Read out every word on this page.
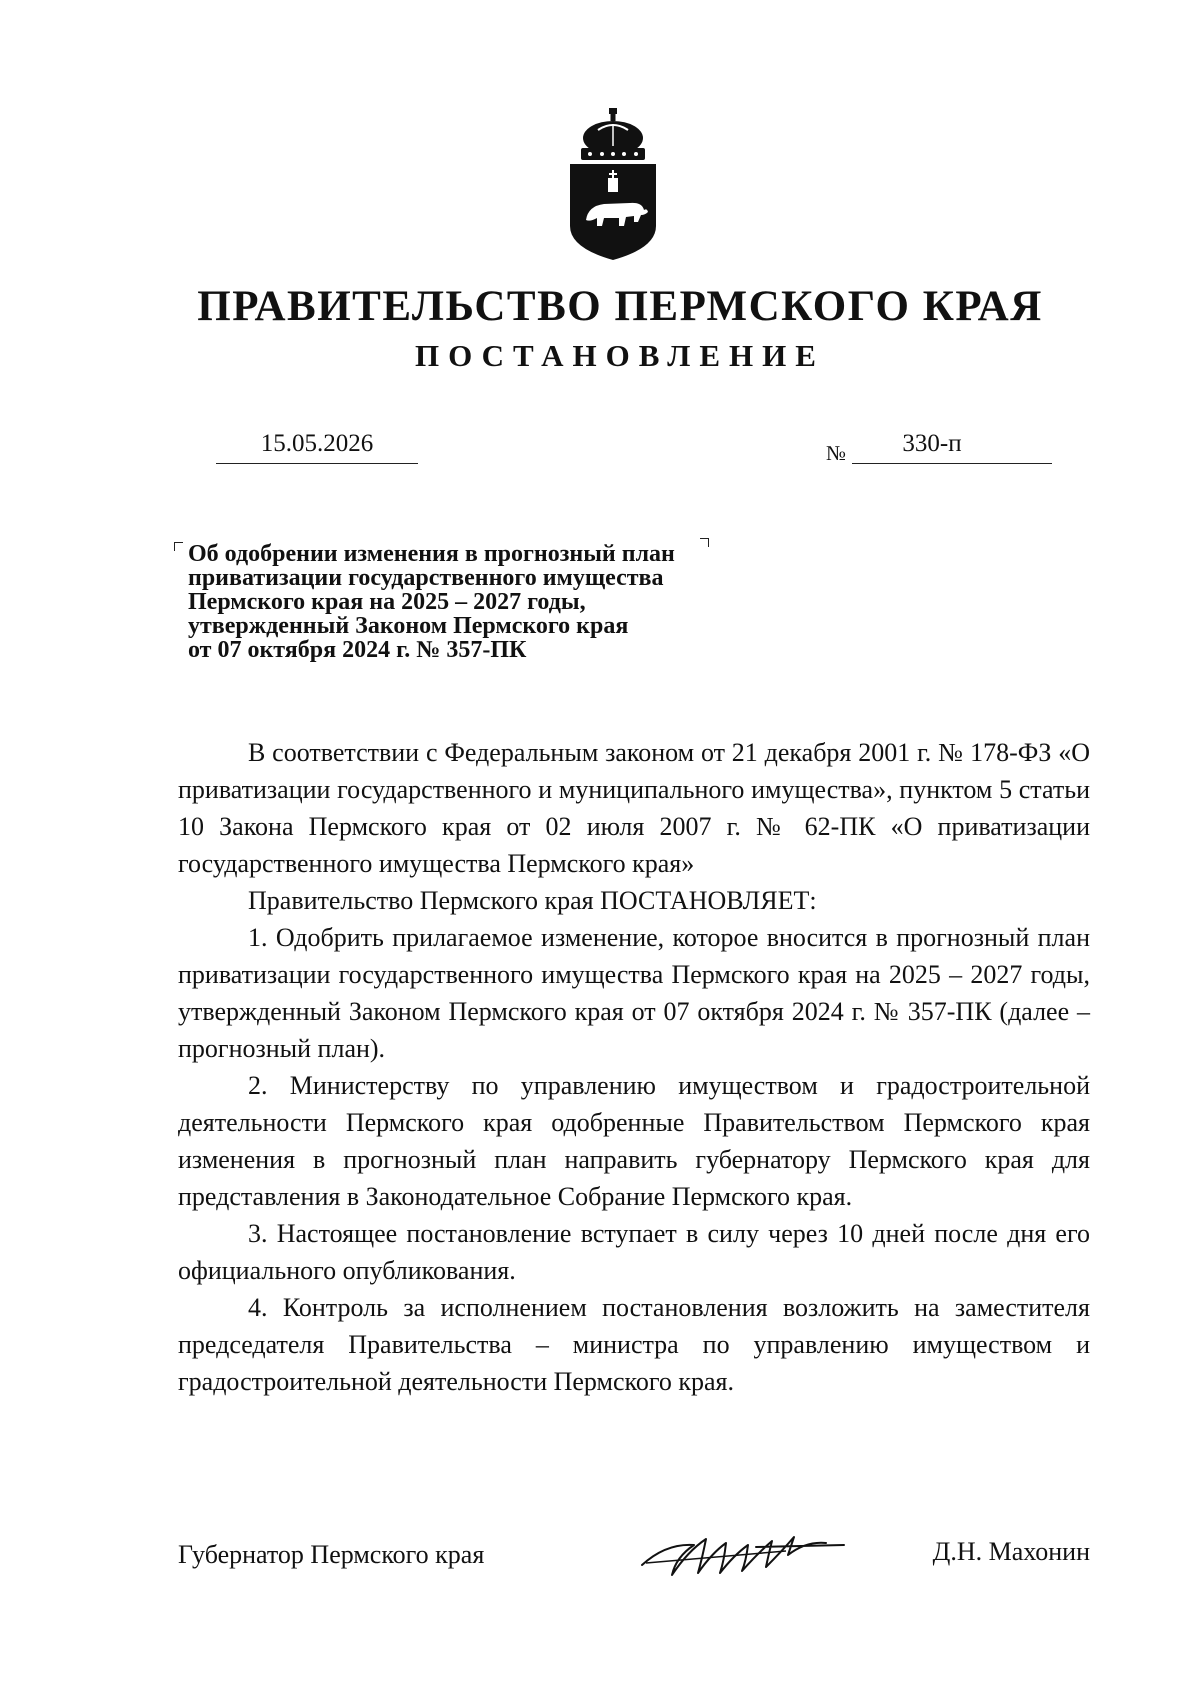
ПРАВИТЕЛЬСТВО ПЕРМСКОГО КРАЯ
ПОСТАНОВЛЕНИЕ
15.05.2026	№	330-п
Об одобрении изменения в прогнозный план
приватизации государственного имущества
Пермского края на 2025 – 2027 годы,
утвержденный Законом Пермского края
от 07 октября 2024 г. № 357-ПК

В соответствии с Федеральным законом от 21 декабря 2001 г. № 178-ФЗ «О приватизации государственного и муниципального имущества», пунктом 5 статьи 10 Закона Пермского края от 02 июля 2007 г. № 62-ПК «О приватизации государственного имущества Пермского края»

Правительство Пермского края ПОСТАНОВЛЯЕТ:

1. Одобрить прилагаемое изменение, которое вносится в прогнозный план приватизации государственного имущества Пермского края на 2025 – 2027 годы, утвержденный Законом Пермского края от 07 октября 2024 г. № 357-ПК (далее – прогнозный план).

2. Министерству по управлению имуществом и градостроительной деятельности Пермского края одобренные Правительством Пермского края изменения в прогнозный план направить губернатору Пермского края для представления в Законодательное Собрание Пермского края.

3. Настоящее постановление вступает в силу через 10 дней после дня его официального опубликования.

4. Контроль за исполнением постановления возложить на заместителя председателя Правительства – министра по управлению имуществом и градостроительной деятельности Пермского края.

Губернатор Пермского края	Д.Н. Махонин
